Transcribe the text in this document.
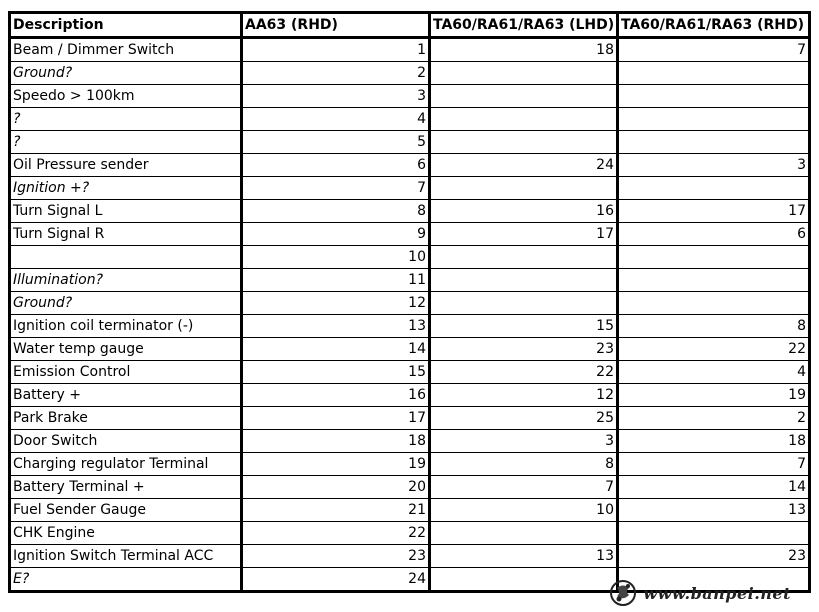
Description	AA63 (RHD)	TA60/RA61/RA63 (LHD)	TA60/RA61/RA63 (RHD)
Beam / Dimmer Switch	1	18	7
Ground?	2		
Speedo > 100km	3		
?	4		
?	5		
Oil Pressure sender	6	24	3
Ignition +?	7		
Turn Signal L	8	16	17
Turn Signal R	9	17	6
	10		
Illumination?	11		
Ground?	12		
Ignition coil terminator (-)	13	15	8
Water temp gauge	14	23	22
Emission Control	15	22	4
Battery +	16	12	19
Park Brake	17	25	2
Door Switch	18	3	18
Charging regulator Terminal	19	8	7
Battery Terminal +	20	7	14
Fuel Sender Gauge	21	10	13
CHK Engine	22		
Ignition Switch Terminal ACC	23	13	23
E?	24		
www.banpei.net
